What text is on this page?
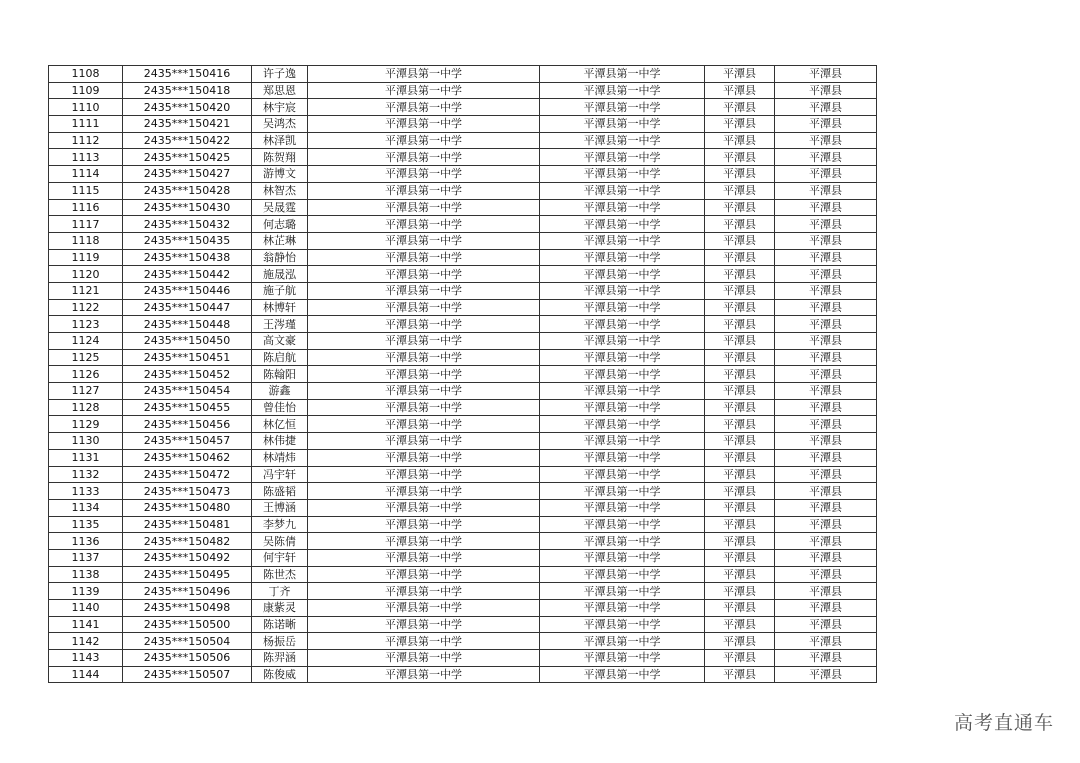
1108	2435***150416	许子逸	平潭县第一中学	平潭县第一中学	平潭县	平潭县
1109	2435***150418	郑思恩	平潭县第一中学	平潭县第一中学	平潭县	平潭县
1110	2435***150420	林宇宸	平潭县第一中学	平潭县第一中学	平潭县	平潭县
1111	2435***150421	吴鸿杰	平潭县第一中学	平潭县第一中学	平潭县	平潭县
1112	2435***150422	林泽凯	平潭县第一中学	平潭县第一中学	平潭县	平潭县
1113	2435***150425	陈贺翔	平潭县第一中学	平潭县第一中学	平潭县	平潭县
1114	2435***150427	游博文	平潭县第一中学	平潭县第一中学	平潭县	平潭县
1115	2435***150428	林智杰	平潭县第一中学	平潭县第一中学	平潭县	平潭县
1116	2435***150430	吴晟霆	平潭县第一中学	平潭县第一中学	平潭县	平潭县
1117	2435***150432	何志璐	平潭县第一中学	平潭县第一中学	平潭县	平潭县
1118	2435***150435	林芷琳	平潭县第一中学	平潭县第一中学	平潭县	平潭县
1119	2435***150438	翁静怡	平潭县第一中学	平潭县第一中学	平潭县	平潭县
1120	2435***150442	施晟泓	平潭县第一中学	平潭县第一中学	平潭县	平潭县
1121	2435***150446	施子航	平潭县第一中学	平潭县第一中学	平潭县	平潭县
1122	2435***150447	林博轩	平潭县第一中学	平潭县第一中学	平潭县	平潭县
1123	2435***150448	王涔瑾	平潭县第一中学	平潭县第一中学	平潭县	平潭县
1124	2435***150450	高文豪	平潭县第一中学	平潭县第一中学	平潭县	平潭县
1125	2435***150451	陈启航	平潭县第一中学	平潭县第一中学	平潭县	平潭县
1126	2435***150452	陈翰阳	平潭县第一中学	平潭县第一中学	平潭县	平潭县
1127	2435***150454	游鑫	平潭县第一中学	平潭县第一中学	平潭县	平潭县
1128	2435***150455	曾佳怡	平潭县第一中学	平潭县第一中学	平潭县	平潭县
1129	2435***150456	林亿恒	平潭县第一中学	平潭县第一中学	平潭县	平潭县
1130	2435***150457	林伟捷	平潭县第一中学	平潭县第一中学	平潭县	平潭县
1131	2435***150462	林靖炜	平潭县第一中学	平潭县第一中学	平潭县	平潭县
1132	2435***150472	冯宇轩	平潭县第一中学	平潭县第一中学	平潭县	平潭县
1133	2435***150473	陈盛韬	平潭县第一中学	平潭县第一中学	平潭县	平潭县
1134	2435***150480	王博涵	平潭县第一中学	平潭县第一中学	平潭县	平潭县
1135	2435***150481	李梦九	平潭县第一中学	平潭县第一中学	平潭县	平潭县
1136	2435***150482	吴陈倩	平潭县第一中学	平潭县第一中学	平潭县	平潭县
1137	2435***150492	何宇轩	平潭县第一中学	平潭县第一中学	平潭县	平潭县
1138	2435***150495	陈世杰	平潭县第一中学	平潭县第一中学	平潭县	平潭县
1139	2435***150496	丁齐	平潭县第一中学	平潭县第一中学	平潭县	平潭县
1140	2435***150498	康紫灵	平潭县第一中学	平潭县第一中学	平潭县	平潭县
1141	2435***150500	陈诺晰	平潭县第一中学	平潭县第一中学	平潭县	平潭县
1142	2435***150504	杨振岳	平潭县第一中学	平潭县第一中学	平潭县	平潭县
1143	2435***150506	陈羿涵	平潭县第一中学	平潭县第一中学	平潭县	平潭县
1144	2435***150507	陈俊威	平潭县第一中学	平潭县第一中学	平潭县	平潭县
高考直通车
